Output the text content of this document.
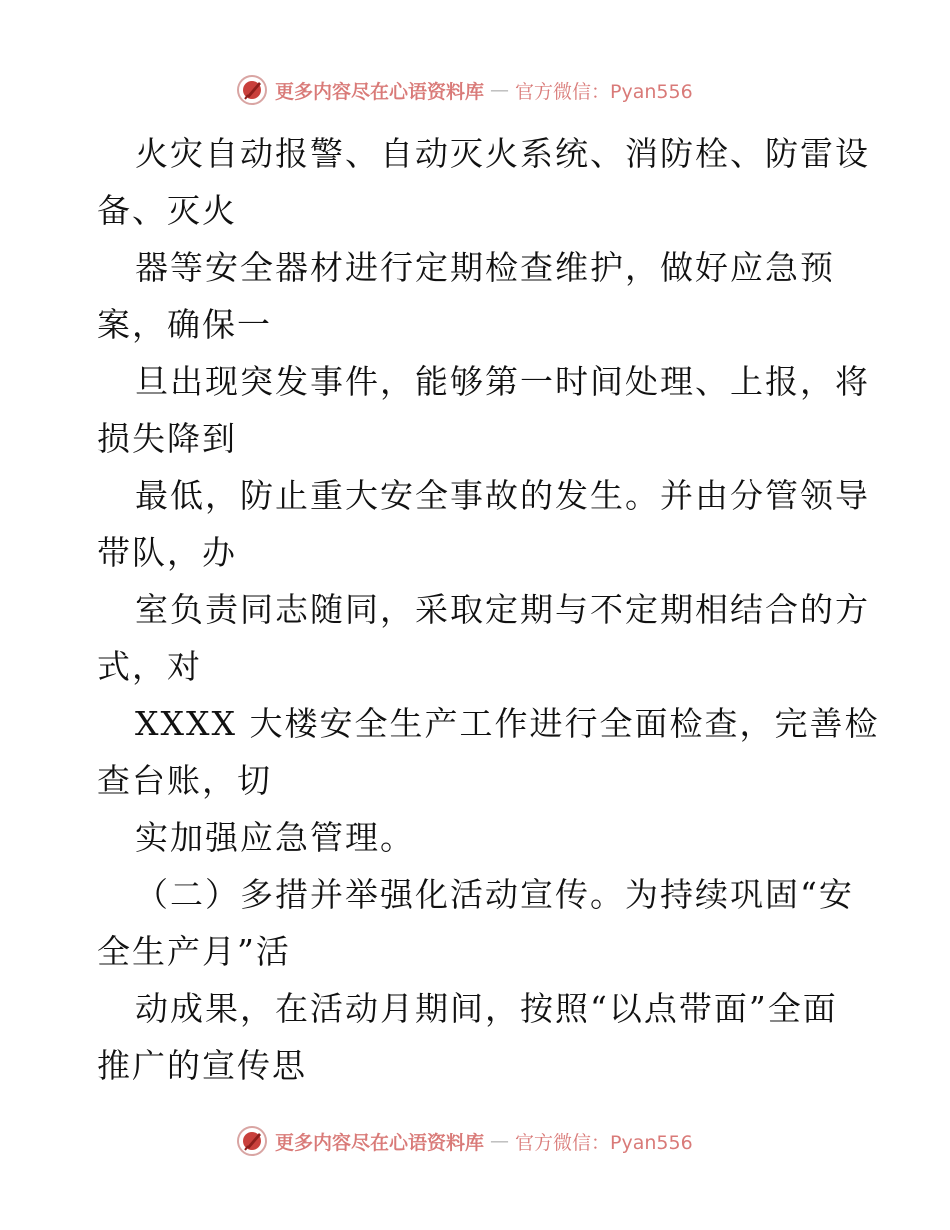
更多内容尽在心语资料库 — 官方微信：Pyan556
火灾自动报警、自动灭火系统、消防栓、防雷设
备、灭火
器等安全器材进行定期检查维护，做好应急预
案，确保一
旦出现突发事件，能够第一时间处理、上报，将
损失降到
最低，防止重大安全事故的发生。并由分管领导
带队，办
室负责同志随同，采取定期与不定期相结合的方
式，对
XXXX 大楼安全生产工作进行全面检查，完善检
查台账，切
实加强应急管理。
（二）多措并举强化活动宣传。为持续巩固“安
全生产月”活
动成果，在活动月期间，按照“以点带面”全面
推广的宣传思
更多内容尽在心语资料库 — 官方微信：Pyan556
